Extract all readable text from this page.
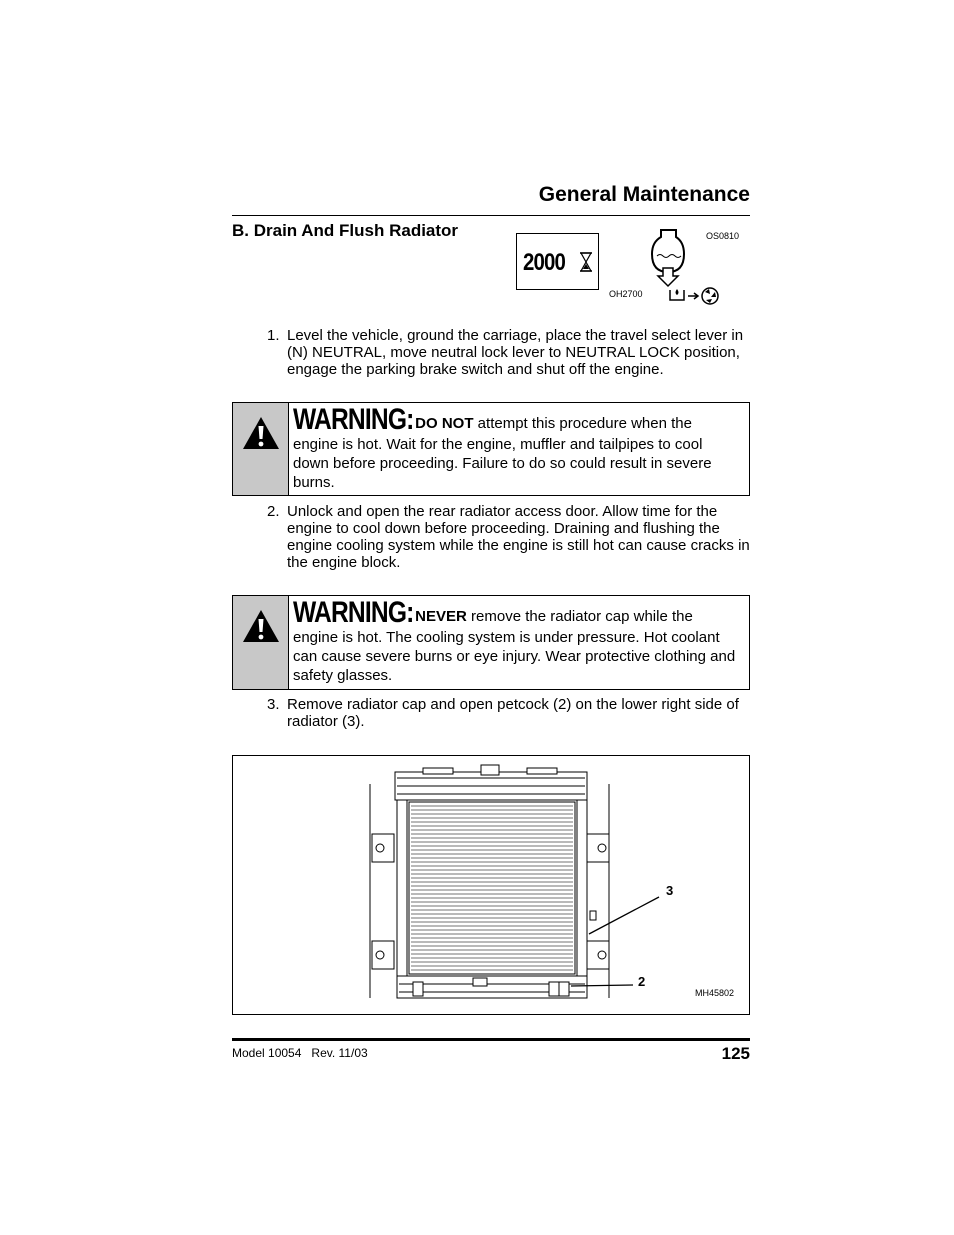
General Maintenance
B. Drain And Flush Radiator
2000
OH2700
OS0810
1. Level the vehicle, ground the carriage, place the travel select lever in (N) NEUTRAL, move neutral lock lever to NEUTRAL LOCK position, engage the parking brake switch and shut off the engine.
WARNING: DO NOT attempt this procedure when the engine is hot. Wait for the engine, muffler and tailpipes to cool down before proceeding. Failure to do so could result in severe burns.
2. Unlock and open the rear radiator access door. Allow time for the engine to cool down before proceeding. Draining and flushing the engine cooling system while the engine is still hot can cause cracks in the engine block.
WARNING: NEVER remove the radiator cap while the engine is hot. The cooling system is under pressure. Hot coolant can cause severe burns or eye injury. Wear protective clothing and safety glasses.
3. Remove radiator cap and open petcock (2) on the lower right side of radiator (3).
3
2
MH45802
Model 10054 Rev. 11/03	125
